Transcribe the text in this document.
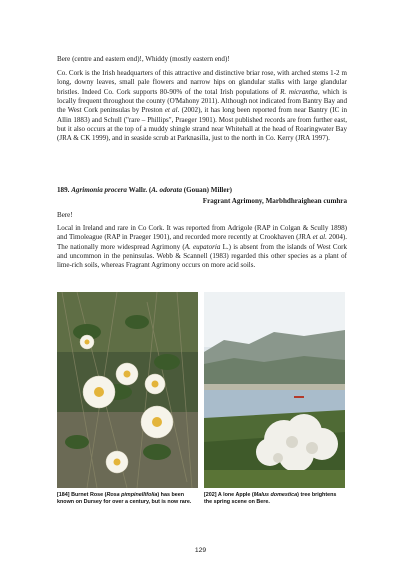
Bere (centre and eastern end)!, Whiddy (mostly eastern end)!

Co. Cork is the Irish headquarters of this attractive and distinctive briar rose, with arched stems 1-2 m long, downy leaves, small pale flowers and narrow hips on glandular stalks with large glandular bristles. Indeed Co. Cork supports 80-90% of the total Irish populations of R. micrantha, which is locally frequent throughout the county (O'Mahony 2011). Although not indicated from Bantry Bay and the West Cork peninsulas by Preston et al. (2002), it has long been reported from near Bantry (IC in Allin 1883) and Schull ("rare – Phillips", Praeger 1901). Most published records are from further east, but it also occurs at the top of a muddy shingle strand near Whitehall at the head of Roaringwater Bay (JRA & CK 1999), and in seaside scrub at Parknasilla, just to the north in Co. Kerry (JRA 1997).

189. Agrimonia procera Wallr. (A. odorata (Gouan) Miller)
Fragrant Agrimony, Marbhdhraighean cumhra

Bere!

Local in Ireland and rare in Co Cork. It was reported from Adrigole (RAP in Colgan & Scully 1898) and Timoleague (RAP in Praeger 1901), and recorded more recently at Crookhaven (JRA et al. 2004). The nationally more widespread Agrimony (A. eupatoria L.) is absent from the islands of West Cork and uncommon in the peninsulas. Webb & Scannell (1983) regarded this other species as a plant of lime-rich soils, whereas Fragrant Agrimony occurs on more acid soils.

[184] Burnet Rose (Rosa pimpinellifolia) has been known on Dursey for over a century, but is now rare.
[202] A lone Apple (Malus domestica) tree brightens the spring scene on Bere.
129
